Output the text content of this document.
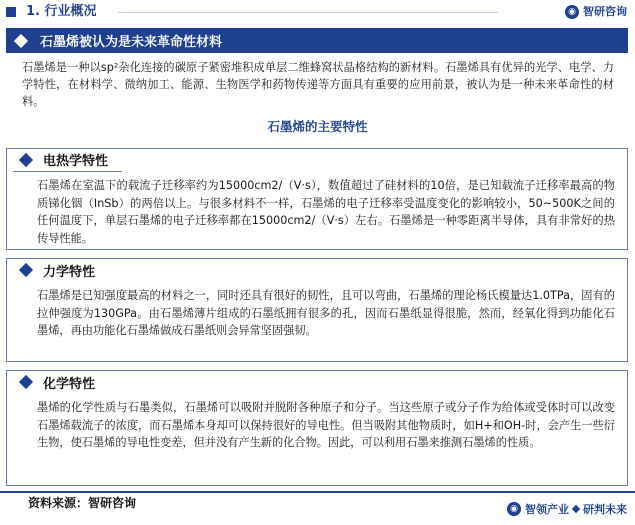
1. 行业概况	◉ 智研咨询
石墨烯被认为是未来革命性材料
石墨烯是一种以sp²杂化连接的碳原子紧密堆积成单层二维蜂窝状晶格结构的新材料。石墨烯具有优异的光学、电学、力学特性，在材料学、微纳加工、能源、生物医学和药物传递等方面具有重要的应用前景，被认为是一种未来革命性的材料。
石墨烯的主要特性
电热学特性
石墨烯在室温下的载流子迁移率约为15000cm2/（V·s），数值超过了硅材料的10倍，是已知载流子迁移率最高的物质锑化铟（InSb）的两倍以上。与很多材料不一样，石墨烯的电子迁移率受温度变化的影响较小，50~500K之间的任何温度下，单层石墨烯的电子迁移率都在15000cm2/（V·s）左右。石墨烯是一种零距离半导体，具有非常好的热传导性能。
力学特性
石墨烯是已知强度最高的材料之一，同时还具有很好的韧性，且可以弯曲，石墨烯的理论杨氏模量达1.0TPa，固有的拉伸强度为130GPa。由石墨烯薄片组成的石墨纸拥有很多的孔，因而石墨纸显得很脆，然而，经氧化得到功能化石墨烯，再由功能化石墨烯做成石墨纸则会异常坚固强韧。
化学特性
墨烯的化学性质与石墨类似，石墨烯可以吸附并脱附各种原子和分子。当这些原子或分子作为给体或受体时可以改变石墨烯载流子的浓度，而石墨烯本身却可以保持很好的导电性。但当吸附其他物质时，如H+和OH-时，会产生一些衍生物，使石墨烯的导电性变差，但并没有产生新的化合物。因此，可以利用石墨来推测石墨烯的性质。
资料来源：智研咨询	◉ 智领产业 研判未来
